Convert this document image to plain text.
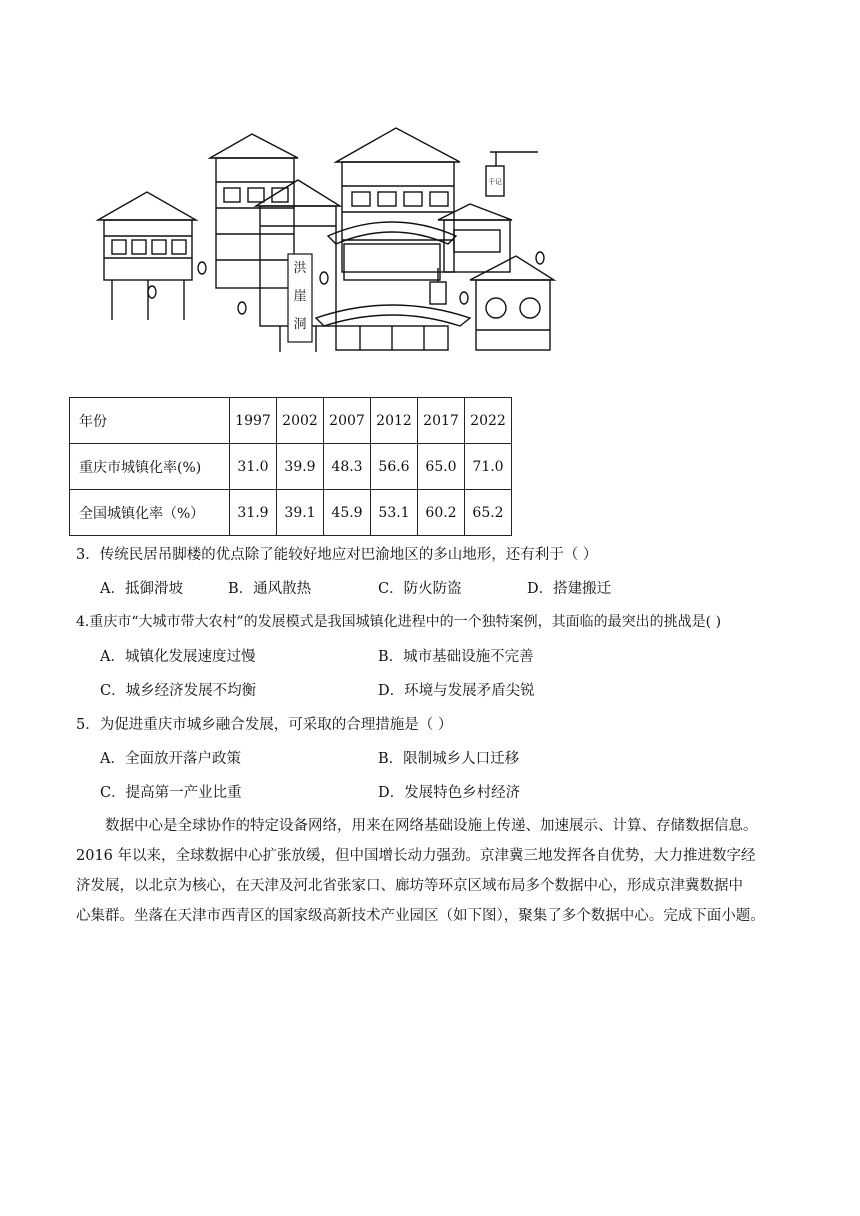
洪
崖
洞
千记
年份	1997	2002	2007	2012	2017	2022
重庆市城镇化率(%)	31.0	39.9	48.3	56.6	65.0	71.0
全国城镇化率（%）	31.9	39.1	45.9	53.1	60.2	65.2
3．传统民居吊脚楼的优点除了能较好地应对巴渝地区的多山地形，还有利于（ ）
A．抵御滑坡	B．通风散热	C．防火防盗	D．搭建搬迁
4.重庆市“大城市带大农村”的发展模式是我国城镇化进程中的一个独特案例，其面临的最突出的挑战是( )
A．城镇化发展速度过慢	B．城市基础设施不完善
C．城乡经济发展不均衡	D．环境与发展矛盾尖锐
5．为促进重庆市城乡融合发展，可采取的合理措施是（ ）
A．全面放开落户政策	B．限制城乡人口迁移
C．提高第一产业比重	D．发展特色乡村经济
　　数据中心是全球协作的特定设备网络，用来在网络基础设施上传递、加速展示、计算、存储数据信息。
2016 年以来，全球数据中心扩张放缓，但中国增长动力强劲。京津冀三地发挥各自优势，大力推进数字经
济发展，以北京为核心，在天津及河北省张家口、廊坊等环京区域布局多个数据中心，形成京津冀数据中
心集群。坐落在天津市西青区的国家级高新技术产业园区（如下图），聚集了多个数据中心。完成下面小题。
